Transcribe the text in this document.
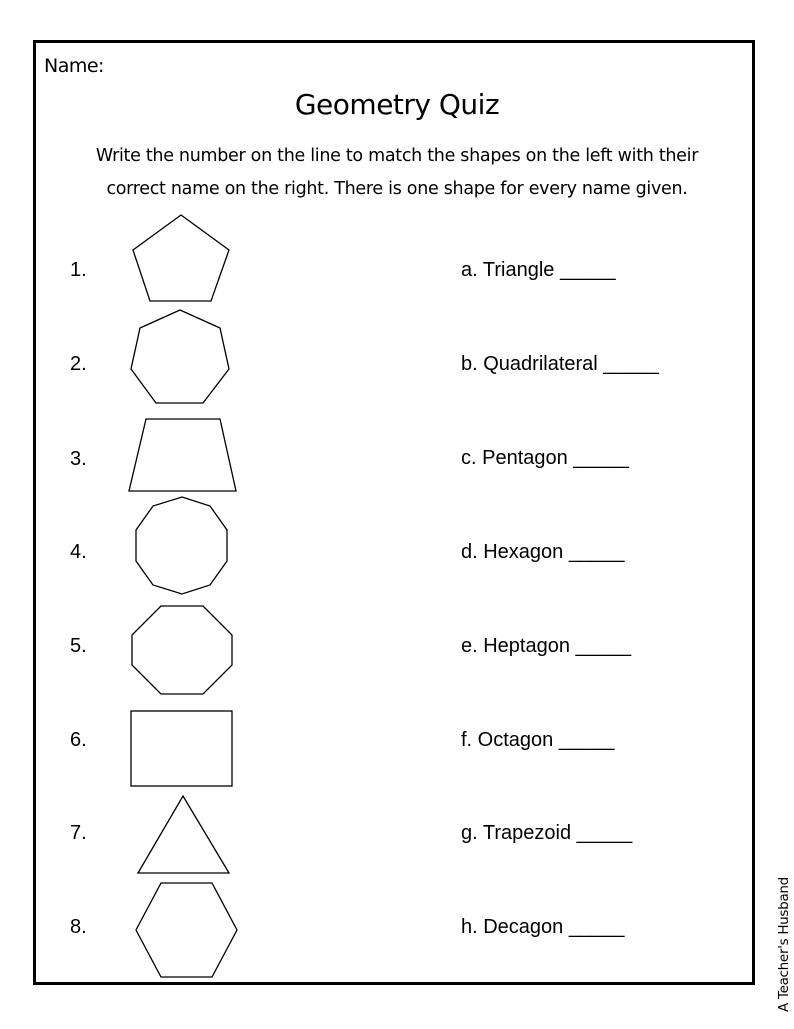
Name:
Geometry Quiz
Write the number on the line to match the shapes on the left with their
correct name on the right. There is one shape for every name given.
1.
2.
3.
4.
5.
6.
7.
8.
a. Triangle _____
b. Quadrilateral _____
c. Pentagon _____
d. Hexagon _____
e. Heptagon _____
f. Octagon _____
g. Trapezoid _____
h. Decagon _____	A Teacher's Husband
